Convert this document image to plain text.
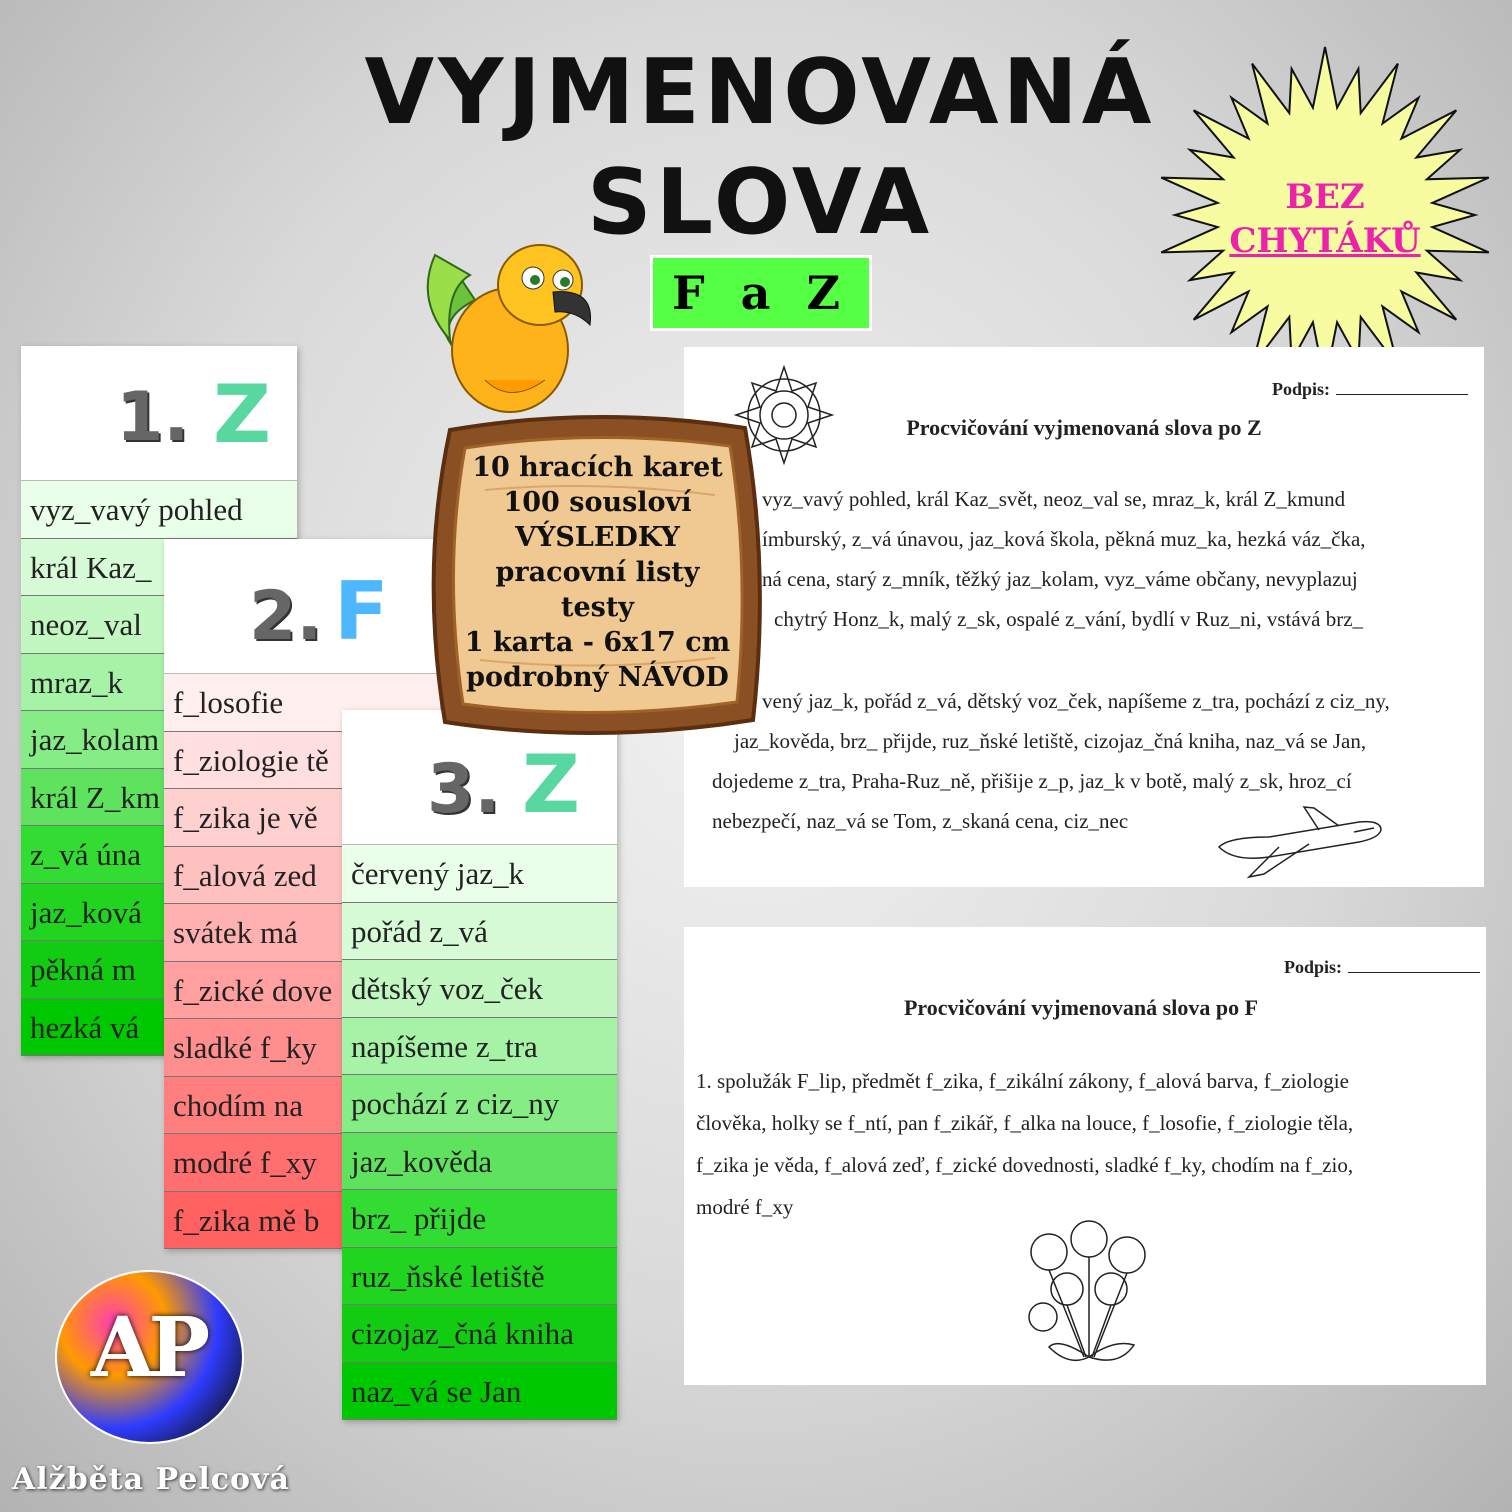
VYJMENOVANÁ
SLOVA
F a Z
BEZ
CHYTÁKŮ
Podpis:
Procvičování vyjmenovaná slova po Z
vyz_vavý pohled, král Kaz_svět, neoz_val se, mraz_k, král Z_kmund
ímburský, z_vá únavou, jaz_ková škola, pěkná muz_ka, hezká váz_čka,
ná cena, starý z_mník, těžký jaz_kolam, vyz_váme občany, nevyplazuj
chytrý Honz_k, malý z_sk, ospalé z_vání, bydlí v Ruz_ni, vstává brz_
vený jaz_k, pořád z_vá, dětský voz_ček, napíšeme z_tra, pochází z ciz_ny,
jaz_kověda, brz_ přijde, ruz_ňské letiště, cizojaz_čná kniha, naz_vá se Jan,
dojedeme z_tra, Praha-Ruz_ně, přišije z_p, jaz_k v botě, malý z_sk, hroz_cí
nebezpečí, naz_vá se Tom, z_skaná cena, ciz_nec
Podpis:
Procvičování vyjmenovaná slova po F
1. spolužák F_lip, předmět f_zika, f_zikální zákony, f_alová barva, f_ziologie
člověka, holky se f_ntí, pan f_zikář, f_alka na louce, f_losofie, f_ziologie těla,
f_zika je věda, f_alová zeď, f_zické dovednosti, sladké f_ky, chodím na f_zio,
modré f_xy
1. Z
vyz_vavý pohled
král Kaz_
neoz_val
mraz_k
jaz_kolam
král Z_km
z_vá úna
jaz_ková
pěkná m
hezká vá
2. F
f_losofie
f_ziologie tě
f_zika je vě
f_alová zed
svátek má
f_zické dove
sladké f_ky
chodím na
modré f_xy
f_zika mě b
3. Z
červený jaz_k
pořád z_vá
dětský voz_ček
napíšeme z_tra
pochází z ciz_ny
jaz_kověda
brz_ přijde
ruz_ňské letiště
cizojaz_čná kniha
naz_vá se Jan
10 hracích karet
100 sousloví
VÝSLEDKY
pracovní listy
testy
1 karta - 6x17 cm
podrobný NÁVOD
AP
Alžběta Pelcová
